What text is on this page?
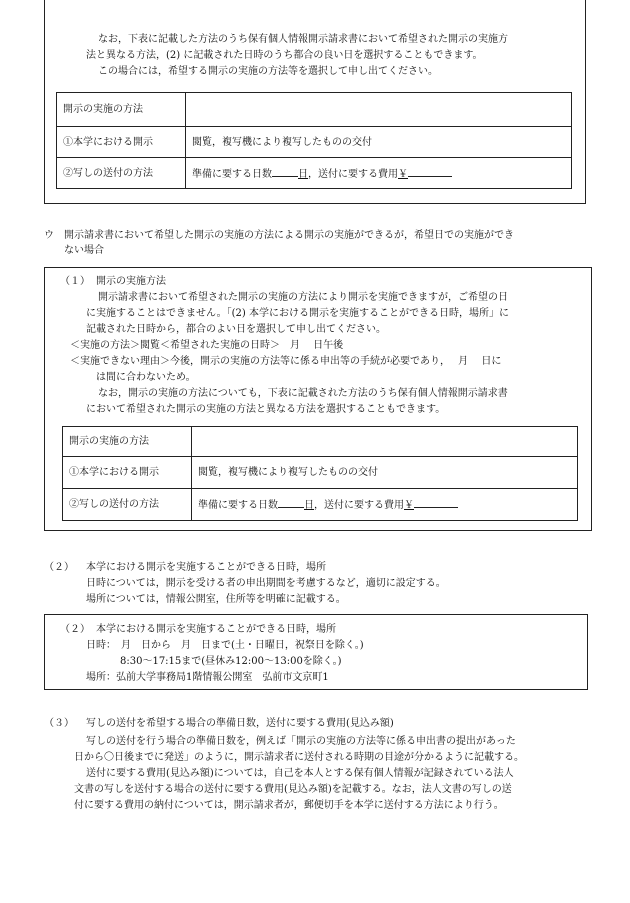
なお，下表に記載した方法のうち保有個人情報開示請求書において希望された開示の実施方
法と異なる方法，(2) に記載された日時のうち都合の良い日を選択することもできます。
この場合には，希望する開示の実施の方法等を選択して申し出てください。
開示の実施の方法	
①本学における開示	閲覧，複写機により複写したものの交付
②写しの送付の方法	準備に要する日数 日，送付に要する費用￥
ウ　開示請求書において希望した開示の実施の方法による開示の実施ができるが，希望日での実施ができ
　　ない場合
（１） 開示の実施方法
開示請求書において希望された開示の実施の方法により開示を実施できますが，ご希望の日
に実施することはできません。「(2) 本学における開示を実施することができる日時，場所」に
記載された日時から，都合のよい日を選択して申し出てください。
＜実施の方法＞閲覧＜希望された実施の日時＞　月　 日午後
＜実施できない理由＞今後，開示の実施の方法等に係る申出等の手続が必要であり，　 月　 日に
は間に合わないため。
なお，開示の実施の方法についても，下表に記載された方法のうち保有個人情報開示請求書
において希望された開示の実施の方法と異なる方法を選択することもできます。
開示の実施の方法	
①本学における開示	閲覧，複写機により複写したものの交付
②写しの送付の方法	準備に要する日数 日，送付に要する費用￥
（２） 本学における開示を実施することができる日時，場所
日時については，開示を受ける者の申出期間を考慮するなど，適切に設定する。
場所については，情報公開室，住所等を明確に記載する。
（２） 本学における開示を実施することができる日時，場所
日時：　月　日から　月　日まで(土・日曜日，祝祭日を除く。)
8:30～17:15まで(昼休み12:00～13:00を除く。)
場所：弘前大学事務局1階情報公開室　弘前市文京町1
（３） 写しの送付を希望する場合の準備日数，送付に要する費用(見込み額)
写しの送付を行う場合の準備日数を，例えば「開示の実施の方法等に係る申出書の提出があった
日から〇日後までに発送」のように，開示請求者に送付される時期の目途が分かるように記載する。
送付に要する費用(見込み額)については，自己を本人とする保有個人情報が記録されている法人
文書の写しを送付する場合の送付に要する費用(見込み額)を記載する。なお，法人文書の写しの送
付に要する費用の納付については，開示請求者が，郵便切手を本学に送付する方法により行う。
